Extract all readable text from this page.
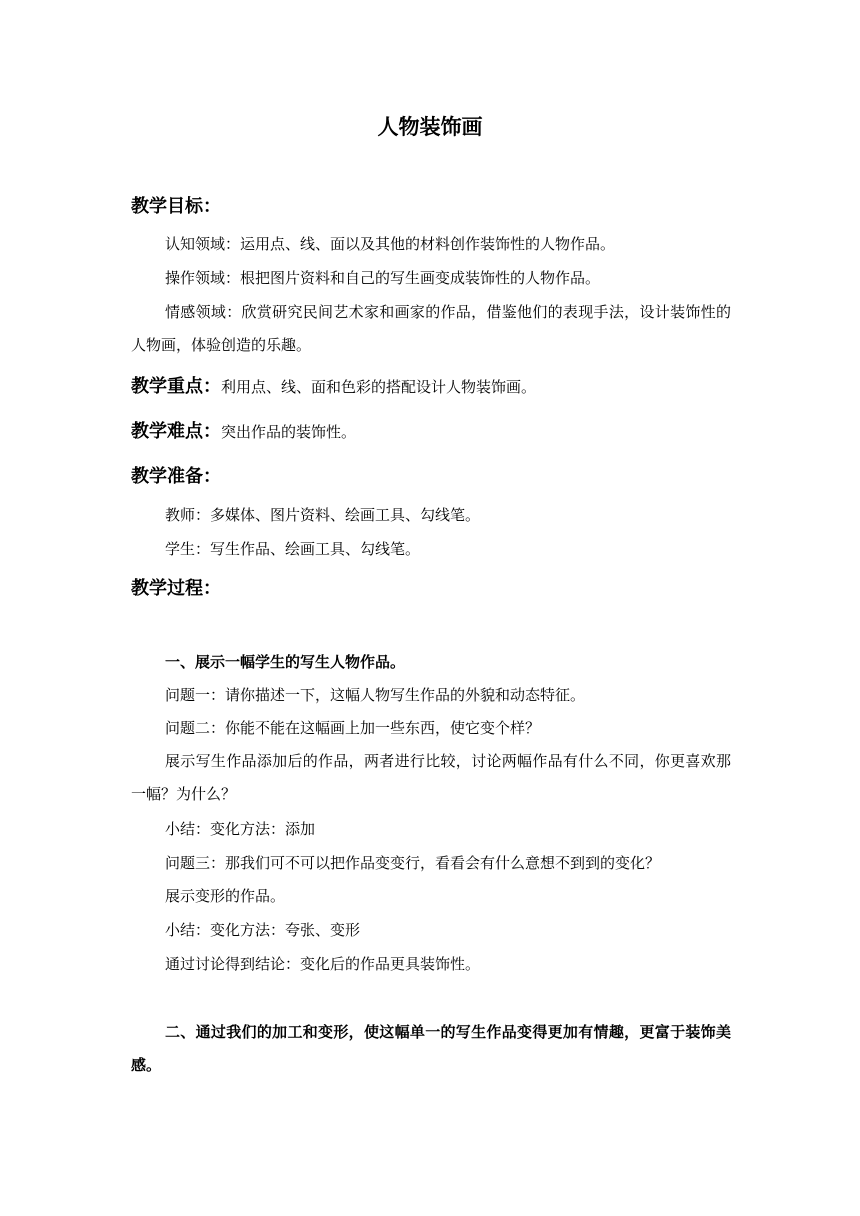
人物装饰画
教学目标：
认知领域：运用点、线、面以及其他的材料创作装饰性的人物作品。
操作领域：根把图片资料和自己的写生画变成装饰性的人物作品。
情感领域：欣赏研究民间艺术家和画家的作品，借鉴他们的表现手法，设计装饰性的人物画，体验创造的乐趣。
教学重点：利用点、线、面和色彩的搭配设计人物装饰画。
教学难点：突出作品的装饰性。
教学准备：
教师：多媒体、图片资料、绘画工具、勾线笔。
学生：写生作品、绘画工具、勾线笔。
教学过程：
一、展示一幅学生的写生人物作品。
问题一：请你描述一下，这幅人物写生作品的外貌和动态特征。
问题二：你能不能在这幅画上加一些东西，使它变个样？
展示写生作品添加后的作品，两者进行比较，讨论两幅作品有什么不同，你更喜欢那一幅？为什么？
小结：变化方法：添加
问题三：那我们可不可以把作品变变行，看看会有什么意想不到到的变化？
展示变形的作品。
小结：变化方法：夸张、变形
通过讨论得到结论：变化后的作品更具装饰性。
二、通过我们的加工和变形，使这幅单一的写生作品变得更加有情趣，更富于装饰美感。
